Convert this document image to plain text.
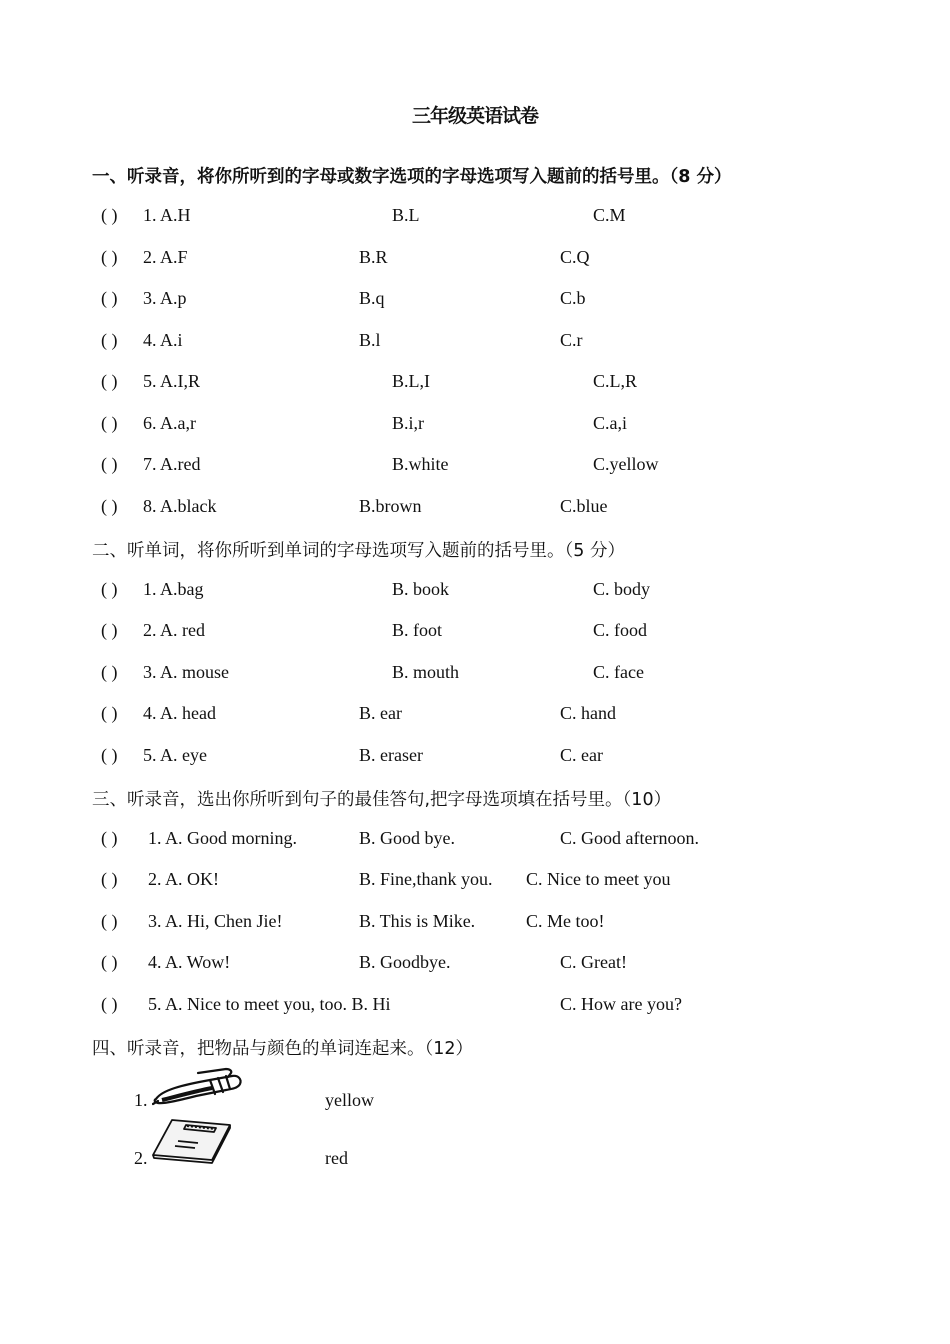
三年级英语试卷
一、听录音，将你所听到的字母或数字选项的字母选项写入题前的括号里。（8 分）
( ) 1. A.H	B.L	C.M
( ) 2. A.F	B.R	C.Q
( ) 3. A.p	B.q	C.b
( ) 4. A.i	B.l	C.r
( ) 5. A.I,R	B.L,I	C.L,R
( ) 6. A.a,r	B.i,r	C.a,i
( ) 7. A.red	B.white	C.yellow
( ) 8. A.black	B.brown	C.blue
二、听单词，将你所听到单词的字母选项写入题前的括号里。（5 分）
( ) 1. A.bag	B. book	C. body
( ) 2. A. red	B. foot	C. food
( ) 3. A. mouse	B. mouth	C. face
( ) 4. A. head	B. ear	C. hand
( ) 5. A. eye	B. eraser	C. ear
三、听录音，选出你所听到句子的最佳答句,把字母选项填在括号里。（10）
( ) 1. A. Good morning.	B. Good bye.	C. Good afternoon.
( ) 2. A. OK!	B. Fine,thank you. C. Nice to meet you
( ) 3. A. Hi, Chen Jie!	B. This is Mike.	C. Me too!
( ) 4. A. Wow!	B. Goodbye.	C. Great!
( ) 5. A. Nice to meet you, too. B. Hi	C. How are you?
四、听录音，把物品与颜色的单词连起来。（12）
1.	yellow
2.	red
